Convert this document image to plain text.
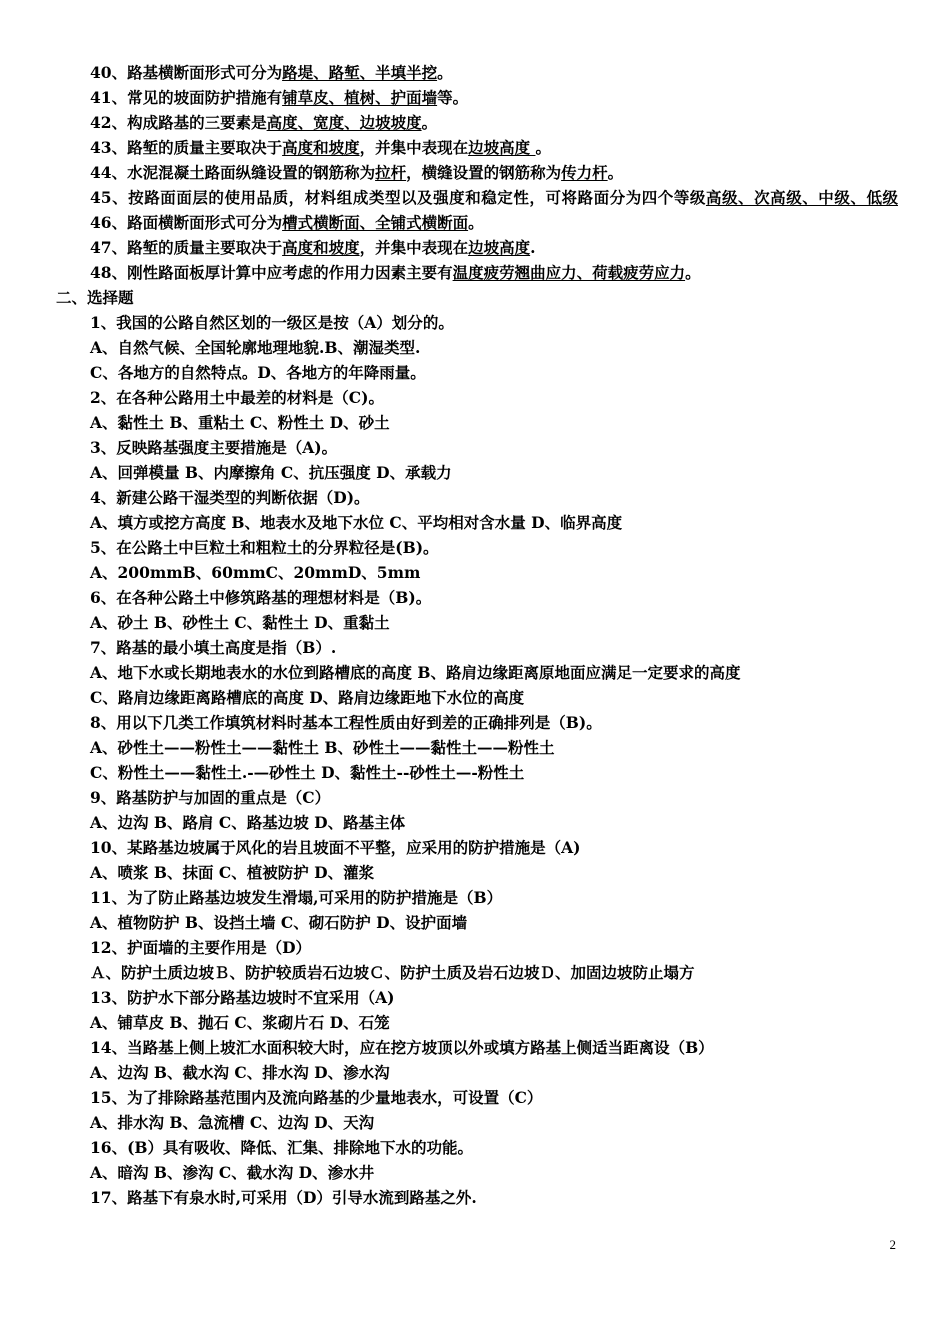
40、路基横断面形式可分为路堤、路堑、半填半挖。
41、常见的坡面防护措施有铺草皮、植树、护面墙等。
42、构成路基的三要素是高度、宽度、边坡坡度。
43、路堑的质量主要取决于高度和坡度，并集中表现在边坡高度 。
44、水泥混凝土路面纵缝设置的钢筋称为拉杆，横缝设置的钢筋称为传力杆。
45、按路面面层的使用品质，材料组成类型以及强度和稳定性，可将路面分为四个等级高级、次高级、中级、低级 46、路面横断面形式可分为槽式横断面、全铺式横断面。
47、路堑的质量主要取决于高度和坡度，并集中表现在边坡高度.
48、刚性路面板厚计算中应考虑的作用力因素主要有温度疲劳翘曲应力、荷载疲劳应力。
二、选择题
1、我国的公路自然区划的一级区是按（A）划分的。
A、自然气候、全国轮廓地理地貌.B、潮湿类型.
C、各地方的自然特点。D、各地方的年降雨量。
2、在各种公路用土中最差的材料是（C)。
A、黏性土 B、重粘土 C、粉性土 D、砂土
3、反映路基强度主要措施是（A)。
A、回弹模量 B、内摩擦角 C、抗压强度 D、承载力
4、新建公路干湿类型的判断依据（D)。
A、填方或挖方高度 B、地表水及地下水位 C、平均相对含水量 D、临界高度
5、在公路土中巨粒土和粗粒土的分界粒径是(B)。
A、200mmB、60mmC、20mmD、5mm
6、在各种公路土中修筑路基的理想材料是（B)。
A、砂土 B、砂性土 C、黏性土 D、重黏土
7、路基的最小填土高度是指（B）.
A、地下水或长期地表水的水位到路槽底的高度 B、路肩边缘距离原地面应满足一定要求的高度
C、路肩边缘距离路槽底的高度 D、路肩边缘距地下水位的高度
8、用以下几类工作填筑材料时基本工程性质由好到差的正确排列是（B)。
A、砂性土——粉性土——黏性土 B、砂性土——黏性土——粉性土
C、粉性土——黏性土.-—砂性土 D、黏性土--砂性土—-粉性土
9、路基防护与加固的重点是（C）
A、边沟 B、路肩 C、路基边坡 D、路基主体
10、某路基边坡属于风化的岩且坡面不平整，应采用的防护措施是（A)
A、喷浆 B、抹面 C、植被防护 D、灌浆
11、为了防止路基边坡发生滑塌,可采用的防护措施是（B）
A、植物防护 B、设挡土墙 C、砌石防护 D、设护面墙
12、护面墙的主要作用是（D）
Ａ、防护土质边坡Ｂ、防护较质岩石边坡Ｃ、防护土质及岩石边坡Ｄ、加固边坡防止塌方
13、防护水下部分路基边坡时不宜采用（A)
A、铺草皮 B、抛石 C、浆砌片石 D、石笼
14、当路基上侧上坡汇水面积较大时，应在挖方坡顶以外或填方路基上侧适当距离设（B）
A、边沟 B、截水沟 C、排水沟 D、渗水沟
15、为了排除路基范围内及流向路基的少量地表水，可设置（C）
A、排水沟 B、急流槽 C、边沟 D、天沟
16、(B）具有吸收、降低、汇集、排除地下水的功能。
A、暗沟 B、渗沟 C、截水沟 D、渗水井
17、路基下有泉水时,可采用（D）引导水流到路基之外.
2
